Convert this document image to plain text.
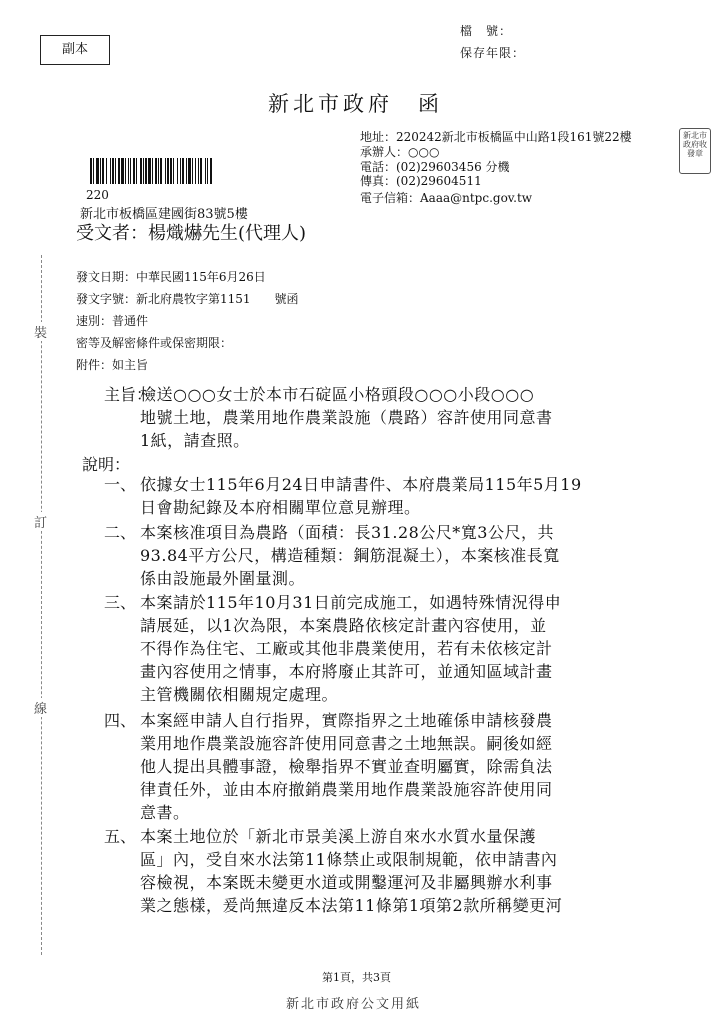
副本
檔　號：
保存年限：
新北市政府　函
新北市政府收發章
地址：220242新北市板橋區中山路1段161號22樓
承辦人：○○○
電話：(02)29603456 分機
傳真：(02)29604511
電子信箱：Aaaa@ntpc.gov.tw
220
新北市板橋區建國街83號5樓
受文者：楊熾爀先生(代理人)
發文日期：中華民國115年6月26日
發文字號：新北府農牧字第1151　　號函
速別：普通件
密等及解密條件或保密期限：
附件：如主旨
裝
訂
線
主旨：
檢送○○○女士於本市石碇區小格頭段○○○小段○○○
地號土地，農業用地作農業設施（農路）容許使用同意書
1紙，請查照。
說明：
一、 依據女士115年6月24日申請書件、本府農業局115年5月19
日會勘紀錄及本府相關單位意見辦理。
二、 本案核准項目為農路（面積：長31.28公尺*寬3公尺，共
93.84平方公尺，構造種類：鋼筋混凝土），本案核准長寬
係由設施最外圍量測。
三、 本案請於115年10月31日前完成施工，如遇特殊情況得申
請展延，以1次為限，本案農路依核定計畫內容使用，並
不得作為住宅、工廠或其他非農業使用，若有未依核定計
畫內容使用之情事，本府將廢止其許可，並通知區域計畫
主管機關依相關規定處理。
四、 本案經申請人自行指界，實際指界之土地確係申請核發農
業用地作農業設施容許使用同意書之土地無誤。嗣後如經
他人提出具體事證，檢舉指界不實並查明屬實，除需負法
律責任外，並由本府撤銷農業用地作農業設施容許使用同
意書。
五、 本案土地位於「新北市景美溪上游自來水水質水量保護
區」內，受自來水法第11條禁止或限制規範，依申請書內
容檢視，本案既未變更水道或開鑿運河及非屬興辦水利事
業之態樣，爰尚無違反本法第11條第1項第2款所稱變更河
第1頁，共3頁
新北市政府公文用紙
